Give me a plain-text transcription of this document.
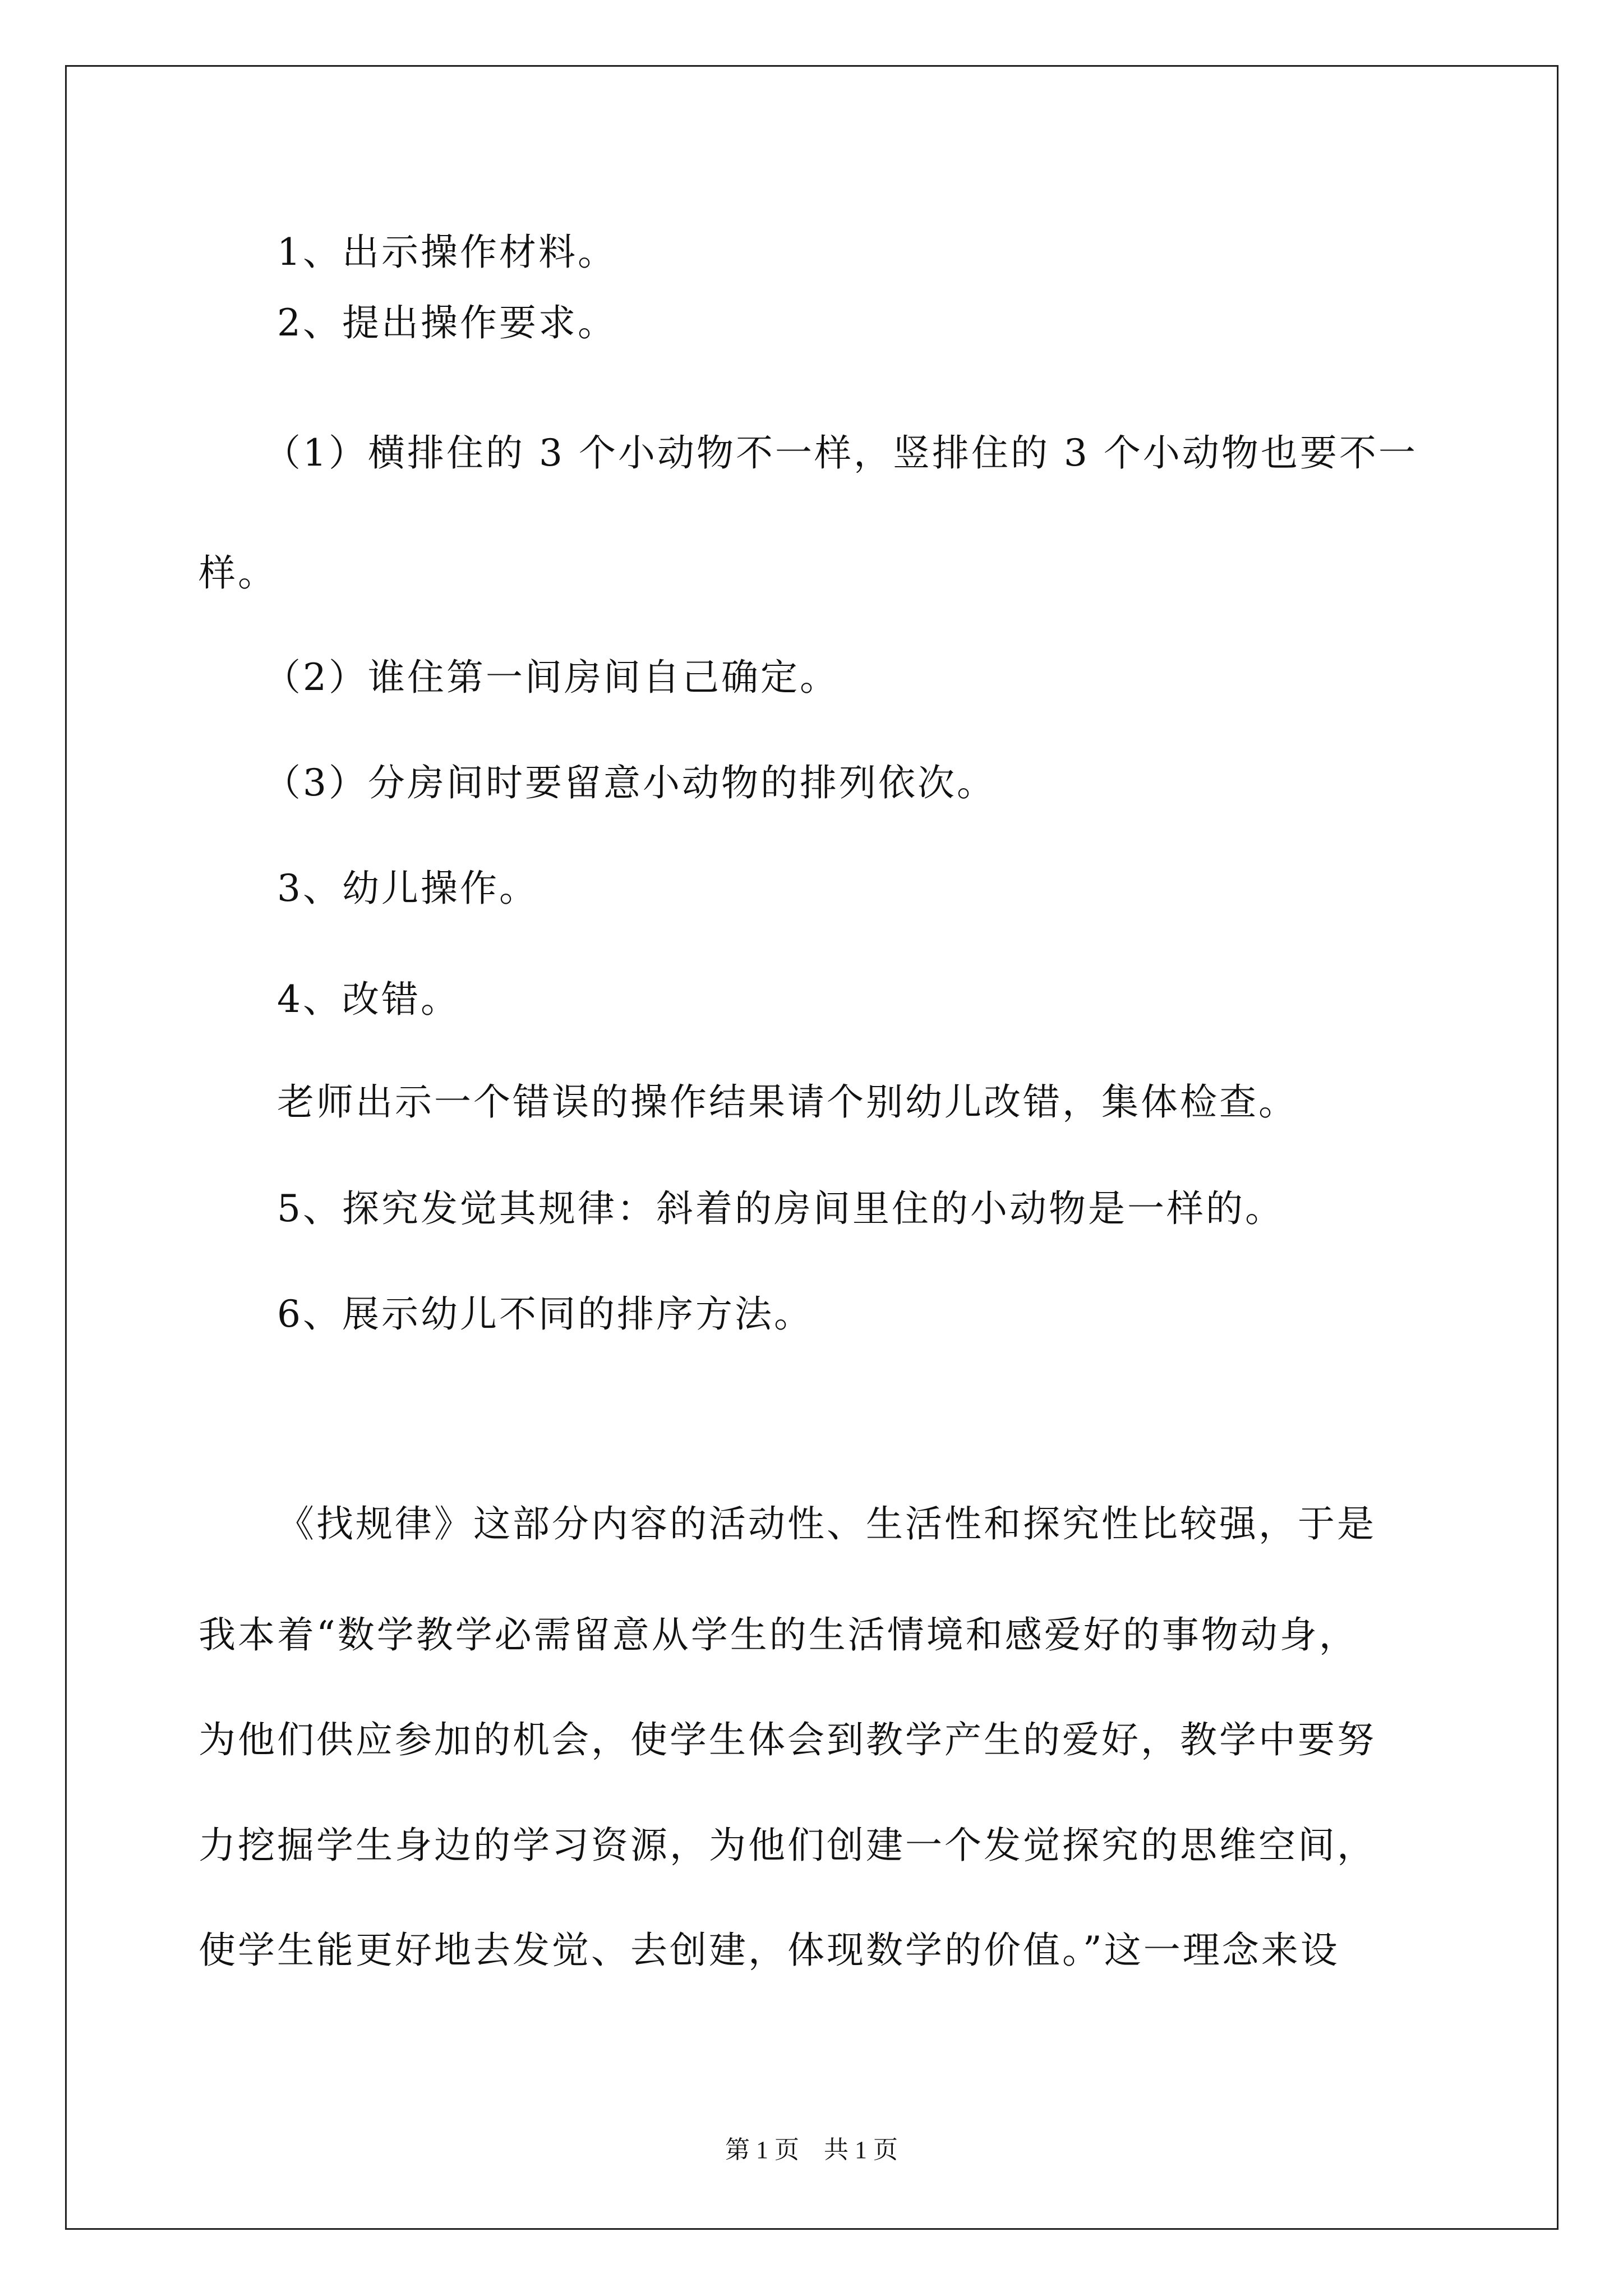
1、出示操作材料。
2、提出操作要求。
（1）横排住的 3 个小动物不一样，竖排住的 3 个小动物也要不一
样。
（2）谁住第一间房间自己确定。
（3）分房间时要留意小动物的排列依次。
3、幼儿操作。
4、改错。
老师出示一个错误的操作结果请个别幼儿改错，集体检查。
5、探究发觉其规律：斜着的房间里住的小动物是一样的。
6、展示幼儿不同的排序方法。
《找规律》这部分内容的活动性、生活性和探究性比较强，于是
我本着“数学教学必需留意从学生的生活情境和感爱好的事物动身，
为他们供应参加的机会，使学生体会到教学产生的爱好，教学中要努
力挖掘学生身边的学习资源，为他们创建一个发觉探究的思维空间，
使学生能更好地去发觉、去创建，体现数学的价值。”这一理念来设
第 1 页 共 1 页
